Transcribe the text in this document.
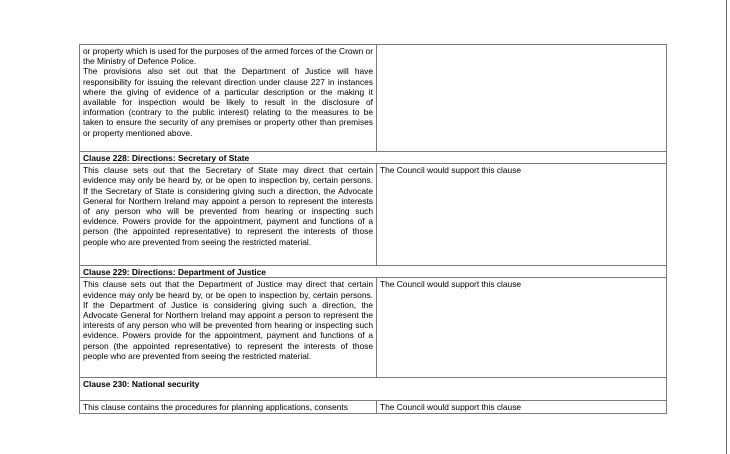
or property which is used for the purposes of the armed forces of the Crown or the Ministry of Defence Police.
The provisions also set out that the Department of Justice will have responsibility for issuing the relevant direction under clause 227 in instances where the giving of evidence of a particular description or the making it available for inspection would be likely to result in the disclosure of information (contrary to the public interest) relating to the measures to be taken to ensure the security of any premises or property other than premises or property mentioned above.	

Clause 228: Directions: Secretary of State	
This clause sets out that the Secretary of State may direct that certain evidence may only be heard by, or be open to inspection by, certain persons. If the Secretary of State is considering giving such a direction, the Advocate General for Northern Ireland may appoint a person to represent the interests of any person who will be prevented from hearing or inspecting such evidence. Powers provide for the appointment, payment and functions of a person (the appointed representative) to represent the interests of those people who are prevented from seeing the restricted material.	The Council would support this clause
Clause 229: Directions: Department of Justice	
This clause sets out that the Department of Justice may direct that certain evidence may only be heard by, or be open to inspection by, certain persons. If the Department of Justice is considering giving such a direction, the Advocate General for Northern Ireland may appoint a person to represent the interests of any person who will be prevented from hearing or inspecting such evidence. Powers provide for the appointment, payment and functions of a person (the appointed representative) to represent the interests of those people who are prevented from seeing the restricted material.	The Council would support this clause
Clause 230: National security	
This clause contains the procedures for planning applications, consents	The Council would support this clause
